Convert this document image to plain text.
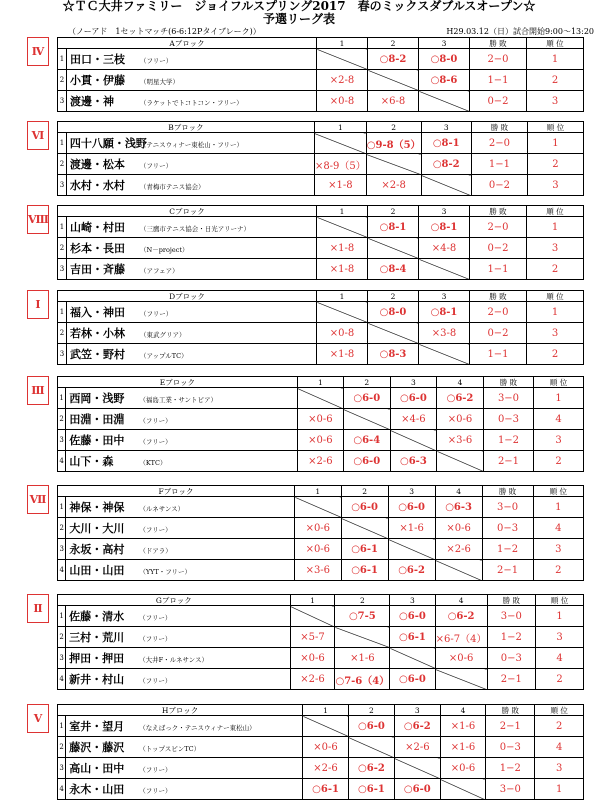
☆ＴＣ大井ファミリー　ジョイフルスプリング2017　春のミックスダブルスオープン☆
予選リーグ表
（ノーアド　1セットマッチ(6-6:12Pタイブレーク)）	H29.03.12（日）試合開始9:00～13:20
Ⅳ
Aブロック		1	2	3	勝 敗	順 位
1	田口・三枝 （フリー）		○8-2	○8-0	2−0	1
2	小貫・伊藤 （明星大学）	×2-8		○8-6	1−1	2
3	渡邊・神 （ラケットでトコトコン・フリー）	×0-8	×6-8		0−2	3
Ⅵ
Bブロック		1	2	3	勝 敗	順 位
1	四十八願・浅野（テニスウィナー東松山・フリー）		○9-8（5）	○8-1	2−0	1
2	渡邊・松本 （フリー）	×8-9（5）		○8-2	1−1	2
3	水村・水村 （青梅市テニス協会）	×1-8	×2-8		0−2	3
Ⅷ
Cブロック		1	2	3	勝 敗	順 位
1	山崎・村田 （三鷹市テニス協会・日光アリーナ）		○8-1	○8-1	2−0	1
2	杉本・長田 （N－project）	×1-8		×4-8	0−2	3
3	吉田・斉藤 （アフェア）	×1-8	○8-4		1−1	2
Ⅰ
Dブロック		1	2	3	勝 敗	順 位
1	福入・神田 （フリー）		○8-0	○8-1	2−0	1
2	若林・小林 （東武グリア）	×0-8		×3-8	0−2	3
3	武笠・野村 （アップルTC）	×1-8	○8-3		1−1	2
Ⅲ
Eブロック		1	2	3	4	勝 敗	順 位
1	西岡・浅野 （福島工業・サントピア）		○6-0	○6-0	○6-2	3−0	1
2	田淵・田淵 （フリー）	×0-6		×4-6	×0-6	0−3	4
3	佐藤・田中 （フリー）	×0-6	○6-4		×3-6	1−2	3
4	山下・森 （KTC）	×2-6	○6-0	○6-3		2−1	2
Ⅶ
Fブロック		1	2	3	4	勝 敗	順 位
1	神保・神保 （ルネサンス）		○6-0	○6-0	○6-3	3−0	1
2	大川・大川 （フリー）	×0-6		×1-6	×0-6	0−3	4
3	永坂・高村 （ドアラ）	×0-6	○6-1		×2-6	1−2	3
4	山田・山田 （YYT・フリー）	×3-6	○6-1	○6-2		2−1	2
Ⅱ
Gブロック		1	2	3	4	勝 敗	順 位
1	佐藤・清水 （フリー）		○7-5	○6-0	○6-2	3−0	1
2	三村・荒川 （フリー）	×5-7		○6-1	×6-7（4）	1−2	3
3	押田・押田 （大井F・ルネサンス）	×0-6	×1-6		×0-6	0−3	4
4	新井・村山 （フリー）	×2-6	○7-6（4）	○6-0		2−1	2
Ⅴ
Hブロック		1	2	3	4	勝 敗	順 位
1	室井・望月 （なえばっク・テニスウィナー東松山）		○6-0	○6-2	×1-6	2−1	2
2	藤沢・藤沢 （トップスピンTC）	×0-6		×2-6	×1-6	0−3	4
3	高山・田中 （フリー）	×2-6	○6-2		×0-6	1−2	3
4	永木・山田 （フリー）	○6-1	○6-1	○6-0		3−0	1
